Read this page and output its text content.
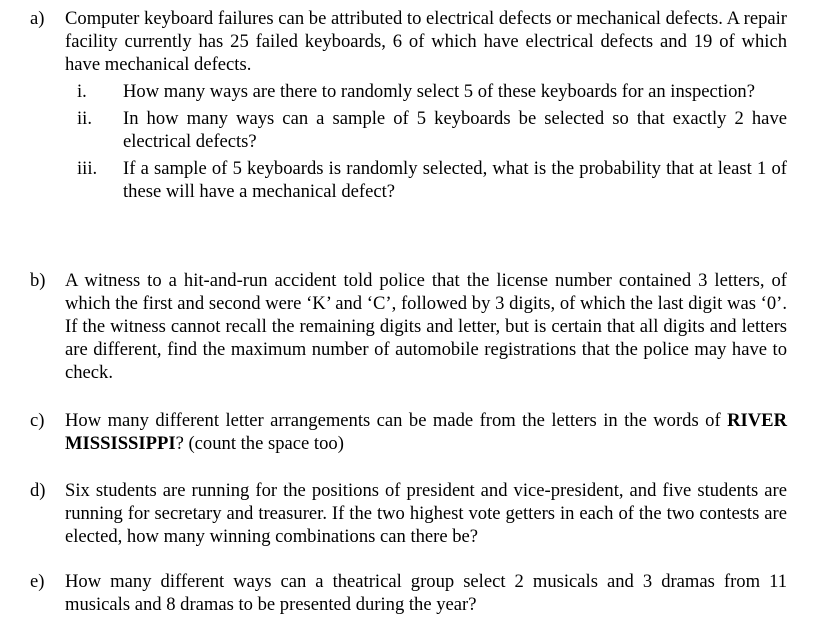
a)	Computer keyboard failures can be attributed to electrical defects or mechanical defects. A repair facility currently has 25 failed keyboards, 6 of which have electrical defects and 19 of which have mechanical defects.
i.	How many ways are there to randomly select 5 of these keyboards for an inspection?
ii.	In how many ways can a sample of 5 keyboards be selected so that exactly 2 have electrical defects?
iii.	If a sample of 5 keyboards is randomly selected, what is the probability that at least 1 of these will have a mechanical defect?
b)	A witness to a hit-and-run accident told police that the license number contained 3 letters, of which the first and second were ‘K’ and ‘C’, followed by 3 digits, of which the last digit was ‘0’. If the witness cannot recall the remaining digits and letter, but is certain that all digits and letters are different, find the maximum number of automobile registrations that the police may have to check.
c)	How many different letter arrangements can be made from the letters in the words of RIVER MISSISSIPPI? (count the space too)
d)	Six students are running for the positions of president and vice-president, and five students are running for secretary and treasurer. If the two highest vote getters in each of the two contests are elected, how many winning combinations can there be?
e)	How many different ways can a theatrical group select 2 musicals and 3 dramas from 11 musicals and 8 dramas to be presented during the year?
